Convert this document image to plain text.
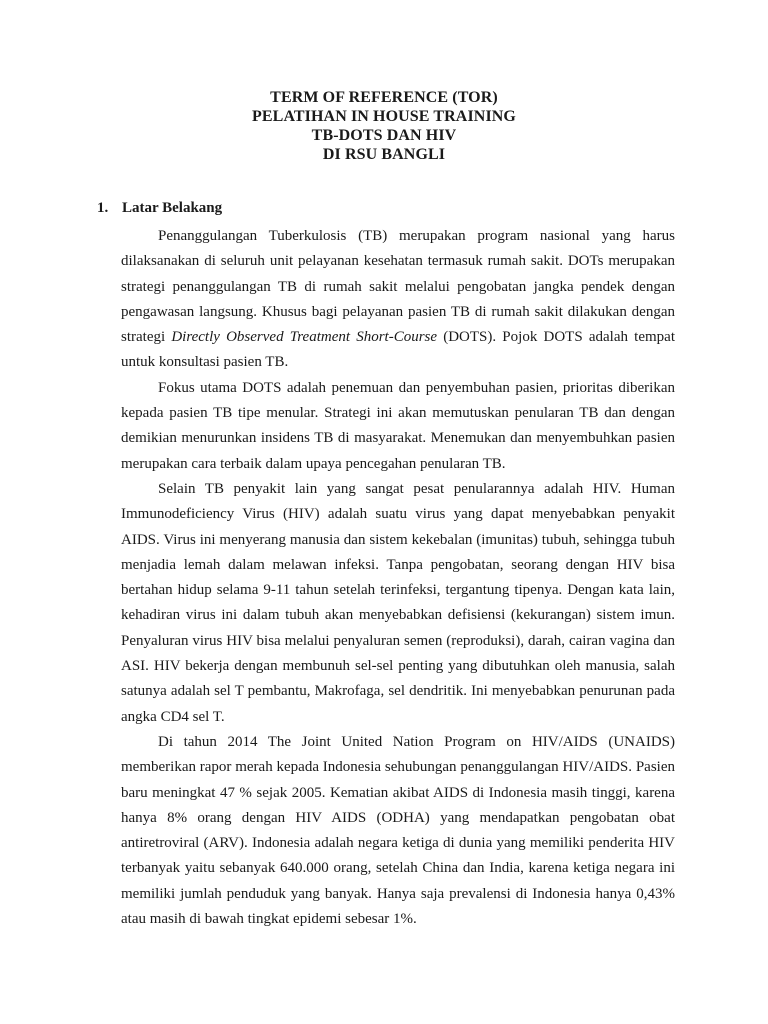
TERM OF REFERENCE (TOR)
PELATIHAN IN HOUSE TRAINING
TB-DOTS DAN HIV
DI RSU BANGLI
1. Latar Belakang

Penanggulangan Tuberkulosis (TB) merupakan program nasional yang harus dilaksanakan di seluruh unit pelayanan kesehatan termasuk rumah sakit. DOTs merupakan strategi penanggulangan TB di rumah sakit melalui pengobatan jangka pendek dengan pengawasan langsung. Khusus bagi pelayanan pasien TB di rumah sakit dilakukan dengan strategi Directly Observed Treatment Short-Course (DOTS). Pojok DOTS adalah tempat untuk konsultasi pasien TB.

Fokus utama DOTS adalah penemuan dan penyembuhan pasien, prioritas diberikan kepada pasien TB tipe menular. Strategi ini akan memutuskan penularan TB dan dengan demikian menurunkan insidens TB di masyarakat. Menemukan dan menyembuhkan pasien merupakan cara terbaik dalam upaya pencegahan penularan TB.

Selain TB penyakit lain yang sangat pesat penularannya adalah HIV. Human Immunodeficiency Virus (HIV) adalah suatu virus yang dapat menyebabkan penyakit AIDS. Virus ini menyerang manusia dan sistem kekebalan (imunitas) tubuh, sehingga tubuh menjadia lemah dalam melawan infeksi. Tanpa pengobatan, seorang dengan HIV bisa bertahan hidup selama 9-11 tahun setelah terinfeksi, tergantung tipenya. Dengan kata lain, kehadiran virus ini dalam tubuh akan menyebabkan defisiensi (kekurangan) sistem imun. Penyaluran virus HIV bisa melalui penyaluran semen (reproduksi), darah, cairan vagina dan ASI. HIV bekerja dengan membunuh sel-sel penting yang dibutuhkan oleh manusia, salah satunya adalah sel T pembantu, Makrofaga, sel dendritik. Ini menyebabkan penurunan pada angka CD4 sel T.

Di tahun 2014 The Joint United Nation Program on HIV/AIDS (UNAIDS) memberikan rapor merah kepada Indonesia sehubungan penanggulangan HIV/AIDS. Pasien baru meningkat 47 % sejak 2005. Kematian akibat AIDS di Indonesia masih tinggi, karena hanya 8% orang dengan HIV AIDS (ODHA) yang mendapatkan pengobatan obat antiretroviral (ARV). Indonesia adalah negara ketiga di dunia yang memiliki penderita HIV terbanyak yaitu sebanyak 640.000 orang, setelah China dan India, karena ketiga negara ini memiliki jumlah penduduk yang banyak. Hanya saja prevalensi di Indonesia hanya 0,43% atau masih di bawah tingkat epidemi sebesar 1%.
